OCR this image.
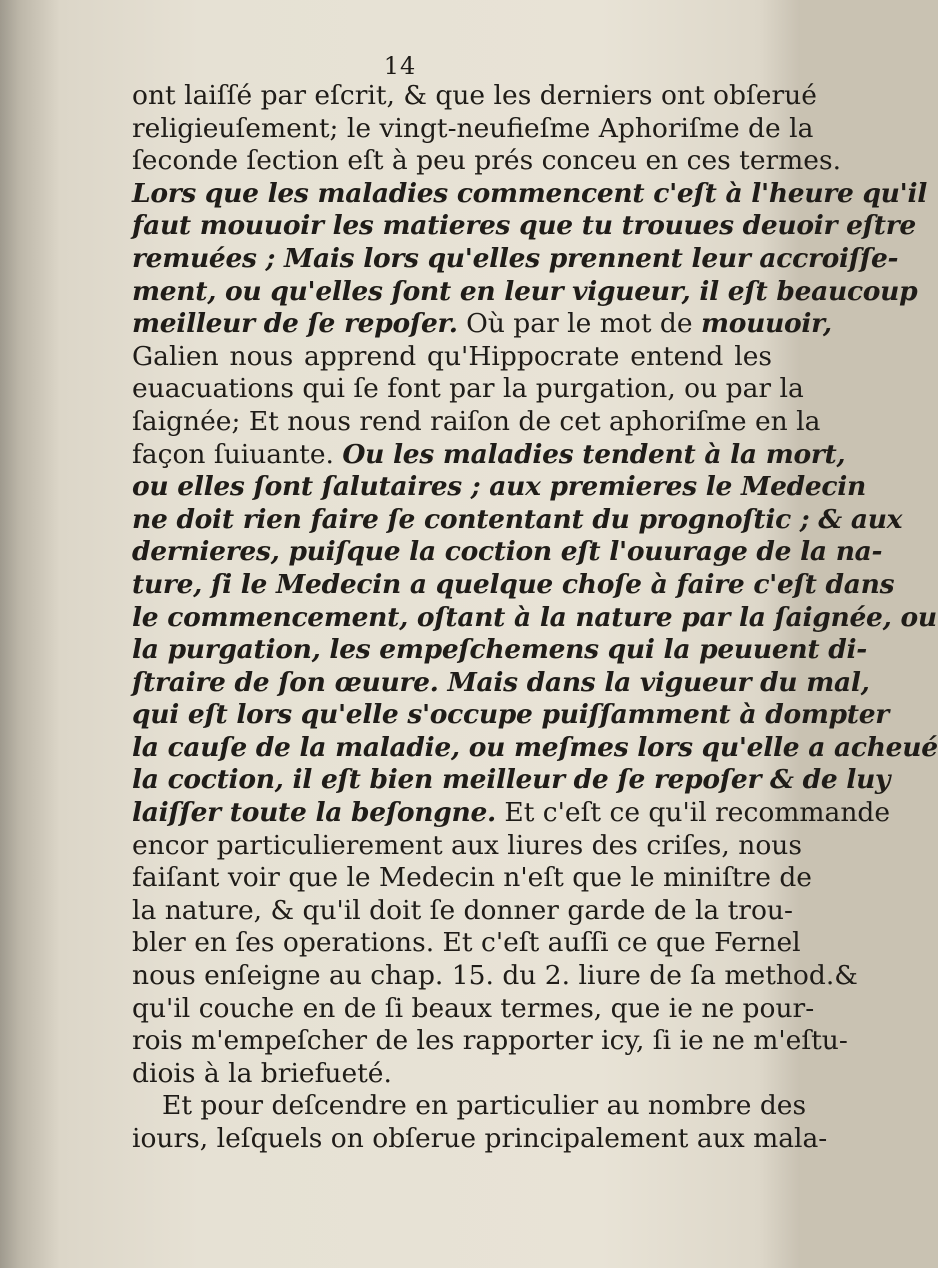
14
ont laiſſé par eſcrit, & que les derniers ont obſerué
religieuſement; le vingt-neufieſme Aphoriſme de la
ſeconde ſection eſt à peu prés conceu en ces termes.
Lors que les maladies commencent c'eſt à l'heure qu'il
faut mouuoir les matieres que tu trouues deuoir eſtre
remuées ; Mais lors qu'elles prennent leur accroiſſe-
ment, ou qu'elles ſont en leur vigueur, il eſt beaucoup
meilleur de ſe repoſer. Où par le mot de mouuoir,
Galien nous apprend qu'Hippocrate entend les
euacuations qui ſe font par la purgation, ou par la
ſaignée; Et nous rend raiſon de cet aphoriſme en la
façon ſuiuante. Ou les maladies tendent à la mort,
ou elles ſont ſalutaires ; aux premieres le Medecin
ne doit rien faire ſe contentant du prognoſtic ; & aux
dernieres, puiſque la coction eſt l'ouurage de la na-
ture, ſi le Medecin a quelque choſe à faire c'eſt dans
le commencement, oſtant à la nature par la ſaignée, ou
la purgation, les empeſchemens qui la peuuent di-
ſtraire de ſon œuure. Mais dans la vigueur du mal,
qui eſt lors qu'elle s'occupe puiſſamment à dompter
la cauſe de la maladie, ou meſmes lors qu'elle a acheué
la coction, il eſt bien meilleur de ſe repoſer & de luy
laiſſer toute la beſongne. Et c'eſt ce qu'il recommande
encor particulierement aux liures des criſes, nous
faiſant voir que le Medecin n'eſt que le miniſtre de
la nature, & qu'il doit ſe donner garde de la trou-
bler en ſes operations. Et c'eſt auſſi ce que Fernel
nous enſeigne au chap. 15. du 2. liure de ſa method.&
qu'il couche en de ſi beaux termes, que ie ne pour-
rois m'empeſcher de les rapporter icy, ſi ie ne m'eſtu-
diois à la briefueté.
Et pour deſcendre en particulier au nombre des
iours, leſquels on obſerue principalement aux mala-
